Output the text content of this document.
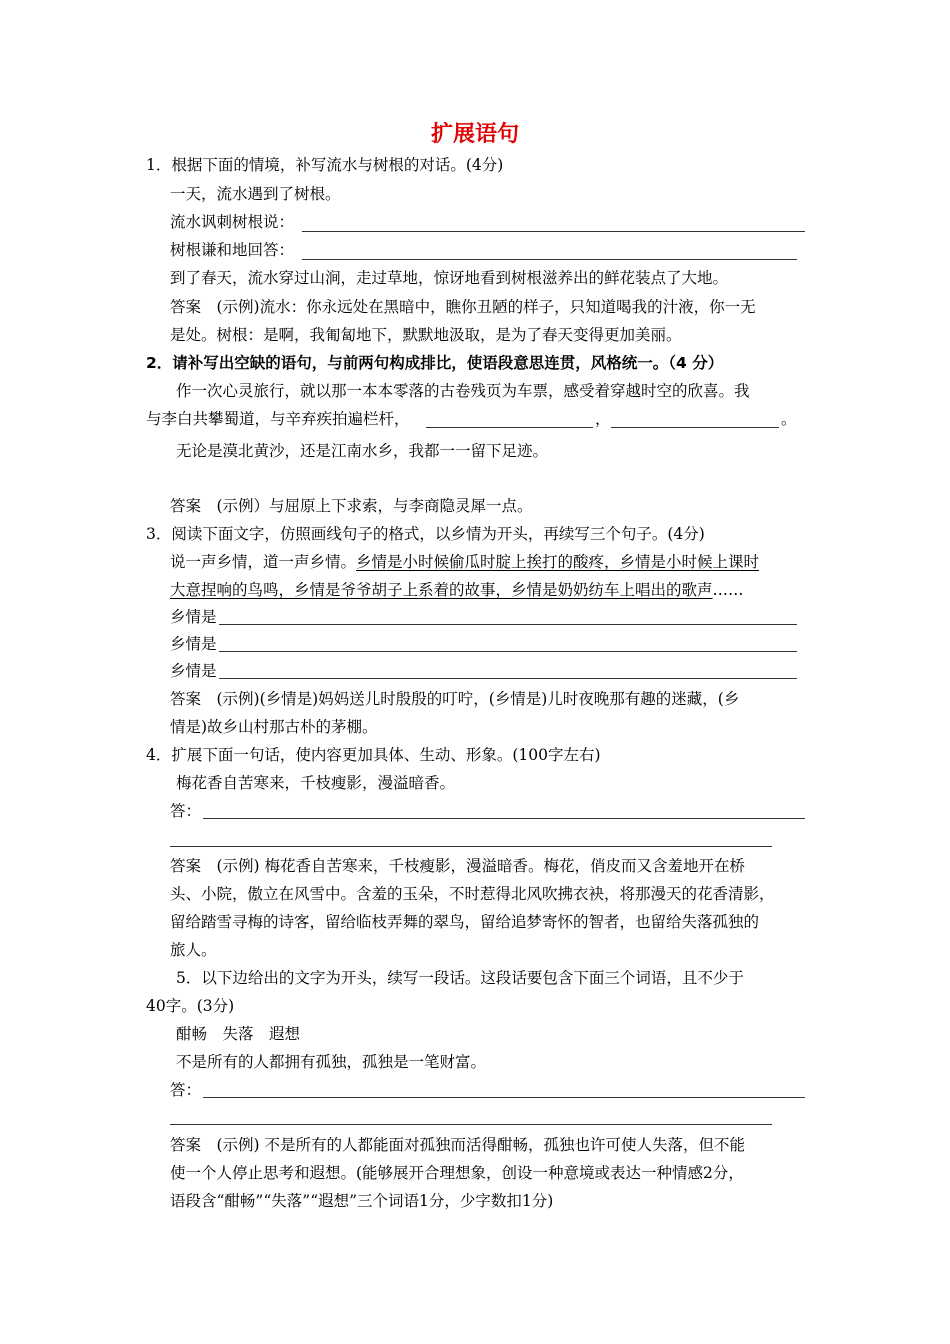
扩展语句
1．根据下面的情境，补写流水与树根的对话。(4分)
一天，流水遇到了树根。
流水讽刺树根说：
树根谦和地回答：
到了春天，流水穿过山涧，走过草地，惊讶地看到树根滋养出的鲜花装点了大地。
答案　(示例)流水：你永远处在黑暗中，瞧你丑陋的样子，只知道喝我的汁液，你一无
是处。树根：是啊，我匍匐地下，默默地汲取，是为了春天变得更加美丽。
2．请补写出空缺的语句，与前两句构成排比，使语段意思连贯，风格统一。（4 分）
作一次心灵旅行，就以那一本本零落的古卷残页为车票，感受着穿越时空的欣喜。我
与李白共攀蜀道，与辛弃疾拍遍栏杆，	，	。
无论是漠北黄沙，还是江南水乡，我都一一留下足迹。
答案　(示例）与屈原上下求索，与李商隐灵犀一点。
3．阅读下面文字，仿照画线句子的格式，以乡情为开头，再续写三个句子。(4分)
说一声乡情，道一声乡情。乡情是小时候偷瓜时腚上挨打的酸疼，乡情是小时候上课时
大意捏响的鸟鸣，乡情是爷爷胡子上系着的故事，乡情是奶奶纺车上唱出的歌声……
乡情是
乡情是
乡情是
答案　(示例)(乡情是)妈妈送儿时殷殷的叮咛，(乡情是)儿时夜晚那有趣的迷藏，(乡
情是)故乡山村那古朴的茅棚。
4．扩展下面一句话，使内容更加具体、生动、形象。(100字左右)
梅花香自苦寒来，千枝瘦影，漫溢暗香。
答：
答案　(示例) 梅花香自苦寒来，千枝瘦影，漫溢暗香。梅花，俏皮而又含羞地开在桥
头、小院，傲立在风雪中。含羞的玉朵，不时惹得北风吹拂衣袂，将那漫天的花香清影，
留给踏雪寻梅的诗客，留给临枝弄舞的翠鸟，留给追梦寄怀的智者，也留给失落孤独的
旅人。
5．以下边给出的文字为开头，续写一段话。这段话要包含下面三个词语，且不少于
40字。(3分)
酣畅　失落　遐想
不是所有的人都拥有孤独，孤独是一笔财富。
答：
答案　(示例) 不是所有的人都能面对孤独而活得酣畅，孤独也许可使人失落，但不能
使一个人停止思考和遐想。(能够展开合理想象，创设一种意境或表达一种情感2分，
语段含“酣畅”“失落”“遐想”三个词语1分，少字数扣1分)
